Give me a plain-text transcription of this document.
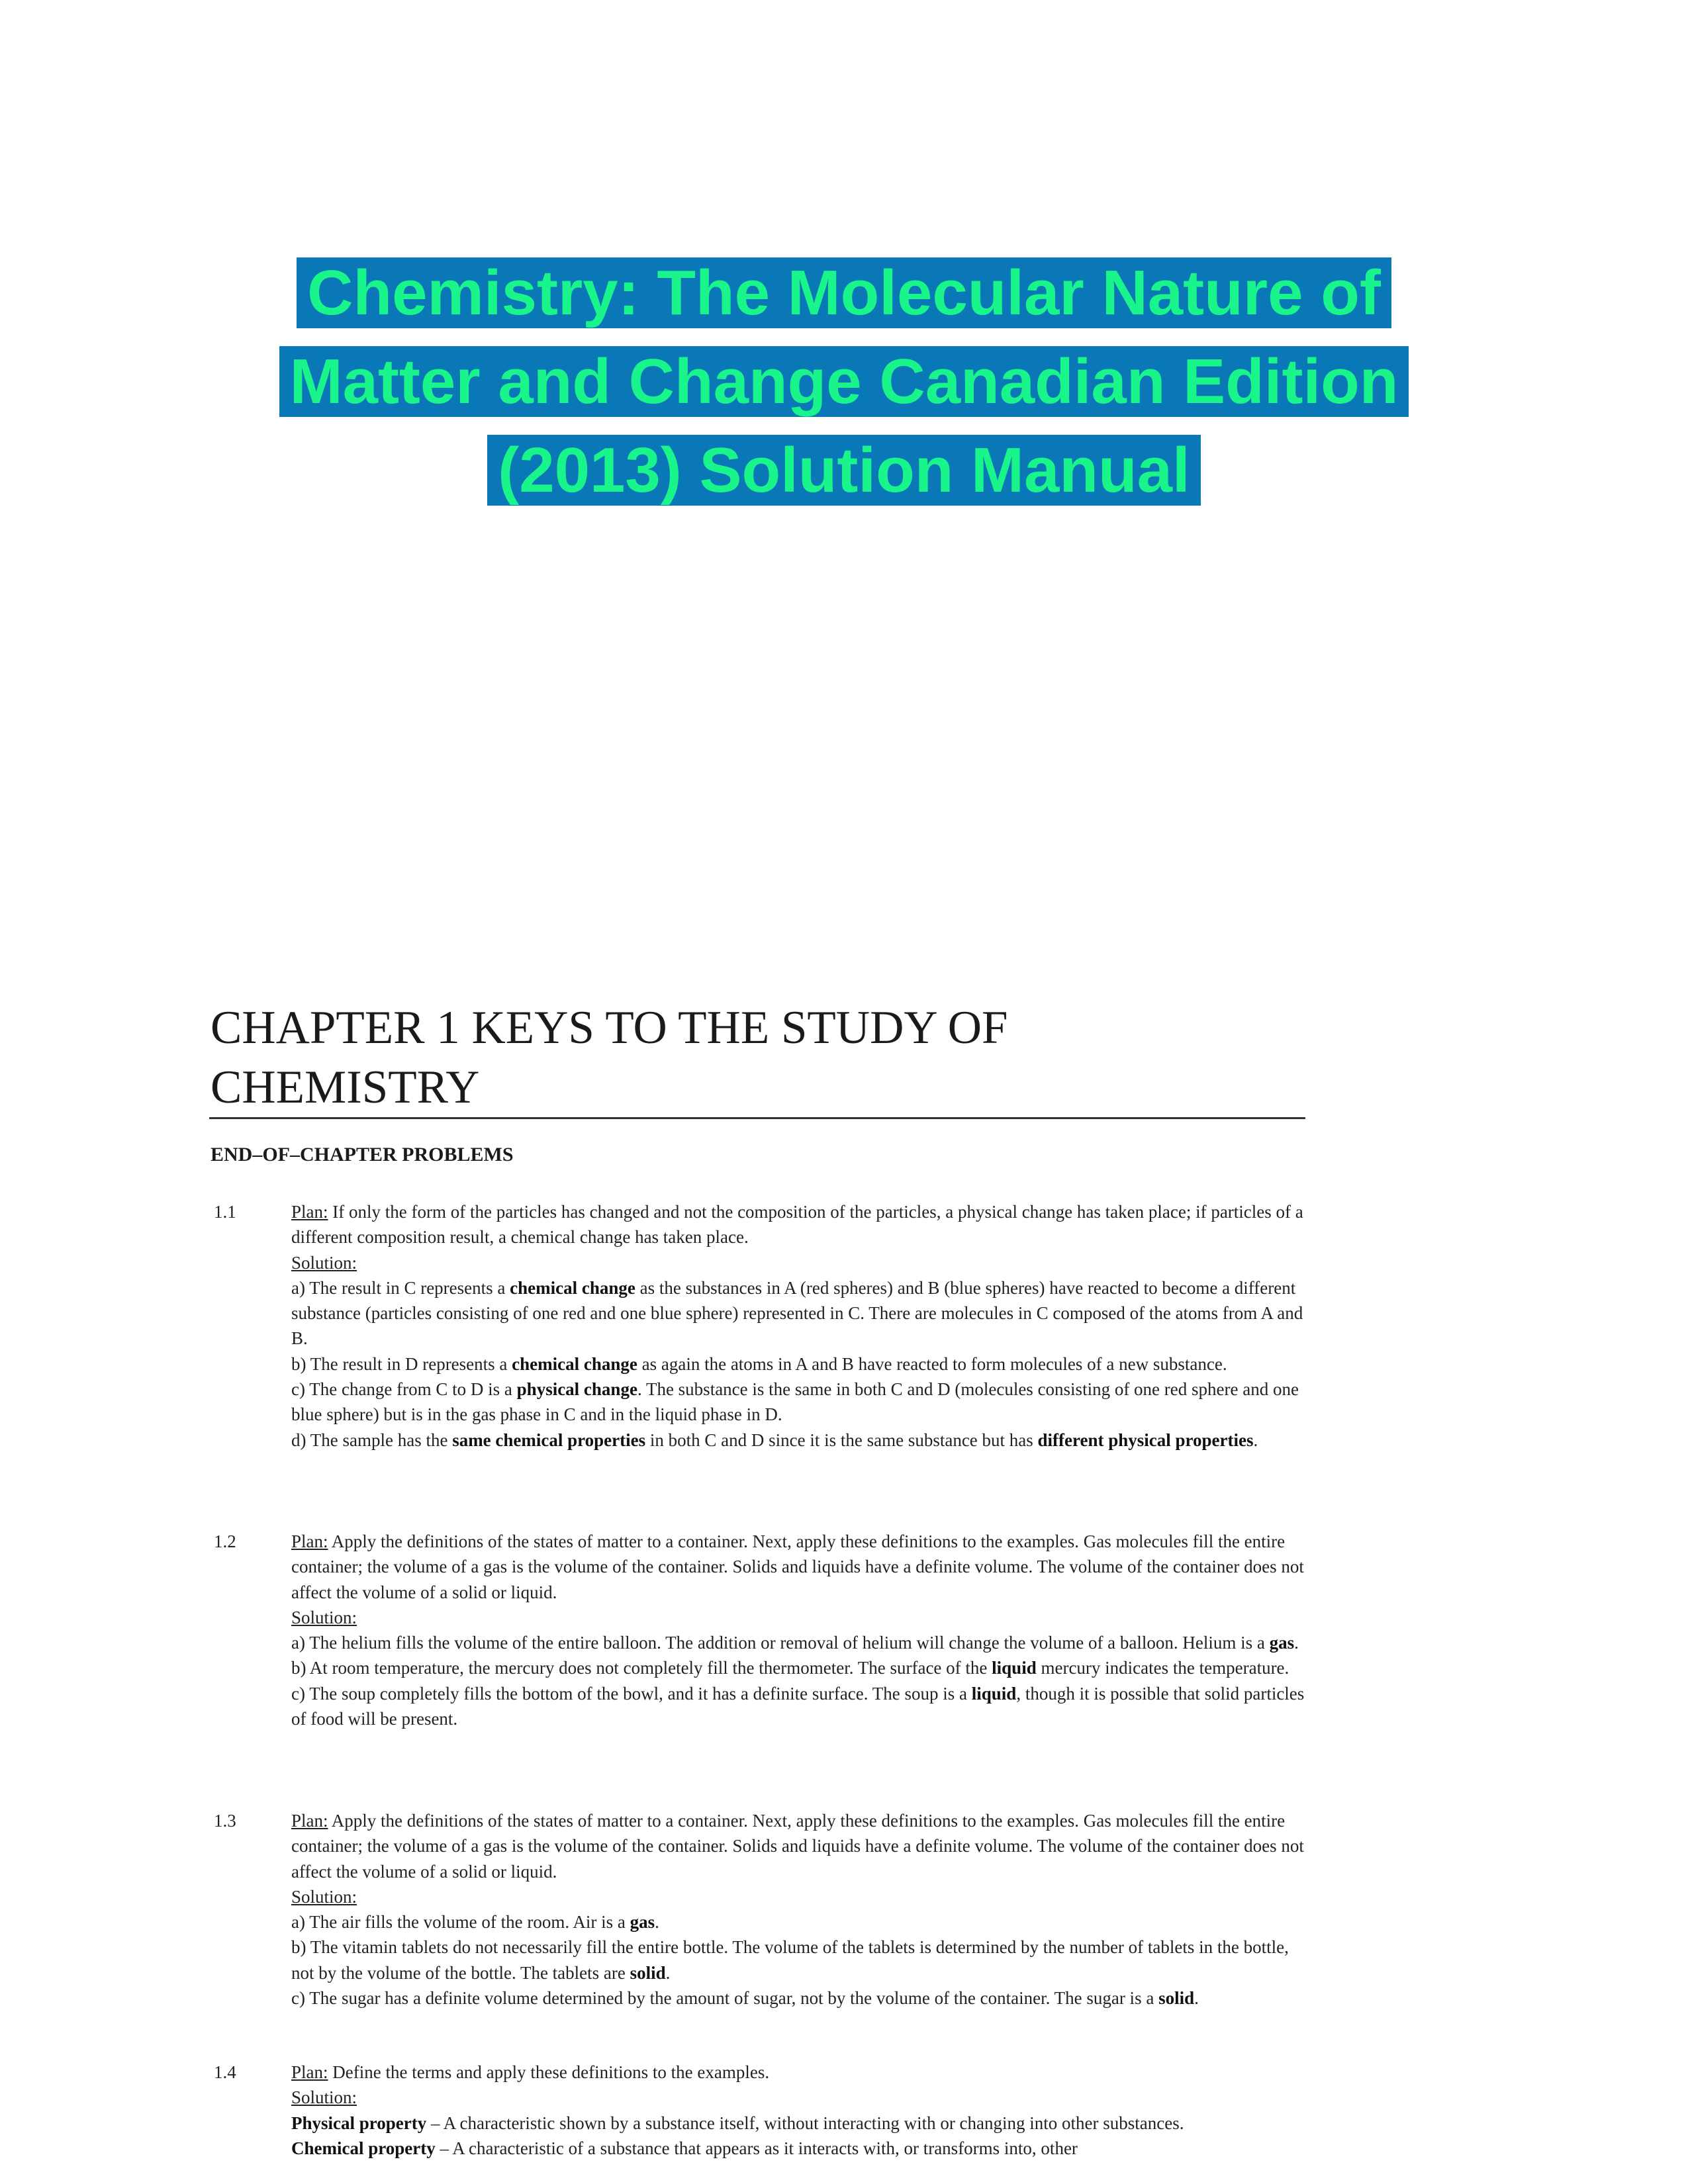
Chemistry: The Molecular Nature of
Matter and Change Canadian Edition
(2013) Solution Manual
CHAPTER 1 KEYS TO THE STUDY OF
CHEMISTRY
END–OF–CHAPTER PROBLEMS
1.1	Plan: If only the form of the particles has changed and not the composition of the particles, a physical change has taken place; if particles of a different composition result, a chemical change has taken place.

Solution:

a) The result in C represents a chemical change as the substances in A (red spheres) and B (blue spheres) have reacted to become a different substance (particles consisting of one red and one blue sphere) represented in C. There are molecules in C composed of the atoms from A and B.

b) The result in D represents a chemical change as again the atoms in A and B have reacted to form molecules of a new substance.

c) The change from C to D is a physical change. The substance is the same in both C and D (molecules consisting of one red sphere and one blue sphere) but is in the gas phase in C and in the liquid phase in D.

d) The sample has the same chemical properties in both C and D since it is the same substance but has different physical properties.

1.2	Plan: Apply the definitions of the states of matter to a container. Next, apply these definitions to the examples. Gas molecules fill the entire container; the volume of a gas is the volume of the container. Solids and liquids have a definite volume. The volume of the container does not affect the volume of a solid or liquid.

Solution:

a) The helium fills the volume of the entire balloon. The addition or removal of helium will change the volume of a balloon. Helium is a gas.

b) At room temperature, the mercury does not completely fill the thermometer. The surface of the liquid mercury indicates the temperature.

c) The soup completely fills the bottom of the bowl, and it has a definite surface. The soup is a liquid, though it is possible that solid particles of food will be present.

1.3	Plan: Apply the definitions of the states of matter to a container. Next, apply these definitions to the examples. Gas molecules fill the entire container; the volume of a gas is the volume of the container. Solids and liquids have a definite volume. The volume of the container does not affect the volume of a solid or liquid.

Solution:

a) The air fills the volume of the room. Air is a gas.

b) The vitamin tablets do not necessarily fill the entire bottle. The volume of the tablets is determined by the number of tablets in the bottle, not by the volume of the bottle. The tablets are solid.

c) The sugar has a definite volume determined by the amount of sugar, not by the volume of the container. The sugar is a solid.

1.4	Plan: Define the terms and apply these definitions to the examples.

Solution:

Physical property – A characteristic shown by a substance itself, without interacting with or changing into other substances.

Chemical property – A characteristic of a substance that appears as it interacts with, or transforms into, other
